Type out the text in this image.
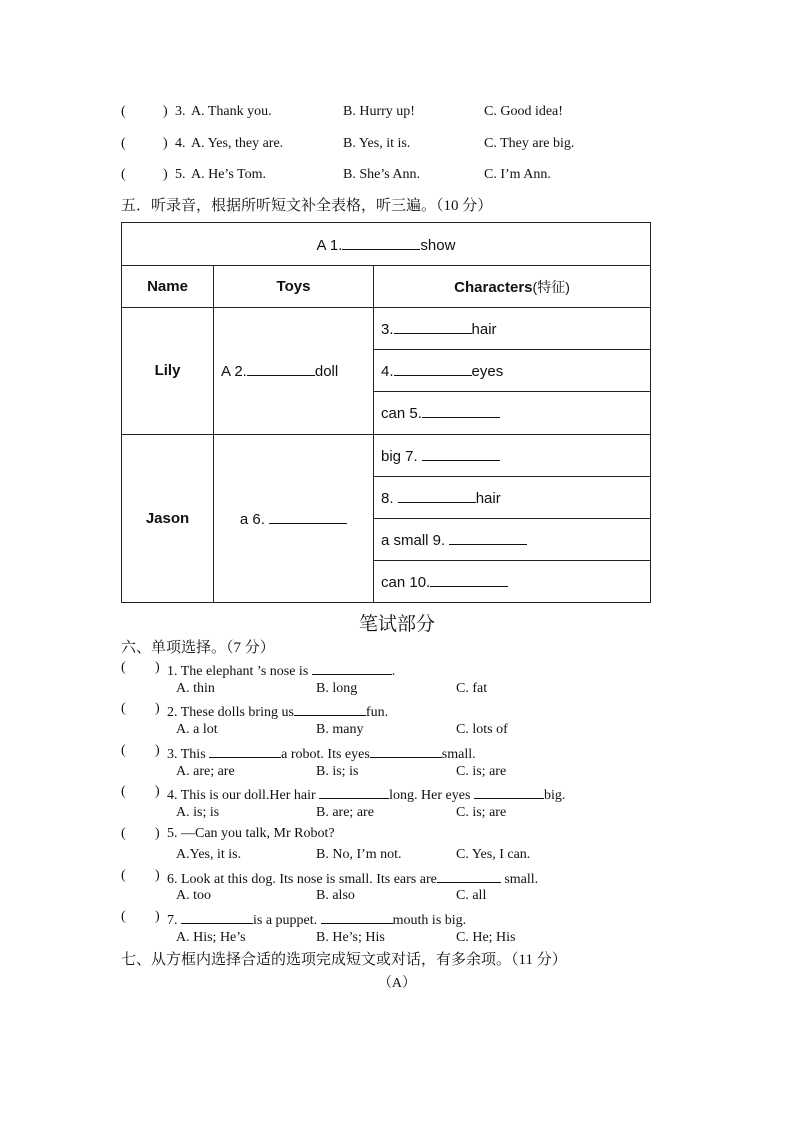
(	) 3. A. Thank you.	B. Hurry up!	C. Good idea!
(	) 4. A. Yes, they are.	B. Yes, it is.	C. They are big.
(	) 5. A. He’s Tom.	B. She’s Ann.	C. I’m Ann.
五．听录音，根据所听短文补全表格，听三遍。（10 分）
A 1. show		
Name	Toys	Characters(特征)
Lily	A 2. doll	3. hair
		4. eyes
		can 5.
Jason	a 6.	big 7.
		8. hair
		a small 9.
		can 10.
笔试部分
六、单项选择。（7 分）
( ) 1. The elephant ’s nose is	.
A. thin	B. long	C. fat
( ) 2. These dolls bring us	fun.
A. a lot	B. many	C. lots of
( ) 3. This	a robot. Its eyes	small.
A. are; are	B. is; is	C. is; are
( ) 4. This is our doll.Her hair	long. Her eyes	big.
A. is; is	B. are; are	C. is; are
( ) 5. —Can you talk, Mr Robot?
A.Yes, it is.	B. No, I’m not.	C. Yes, I can.
( ) 6. Look at this dog. Its nose is small. Its ears are	small.
A. too	B. also	C. all
( ) 7.	is a puppet.	mouth is big.
A. His; He’s	B. He’s; His	C. He; His
七、从方框内选择合适的选项完成短文或对话，有多余项。（11 分）
（A）
